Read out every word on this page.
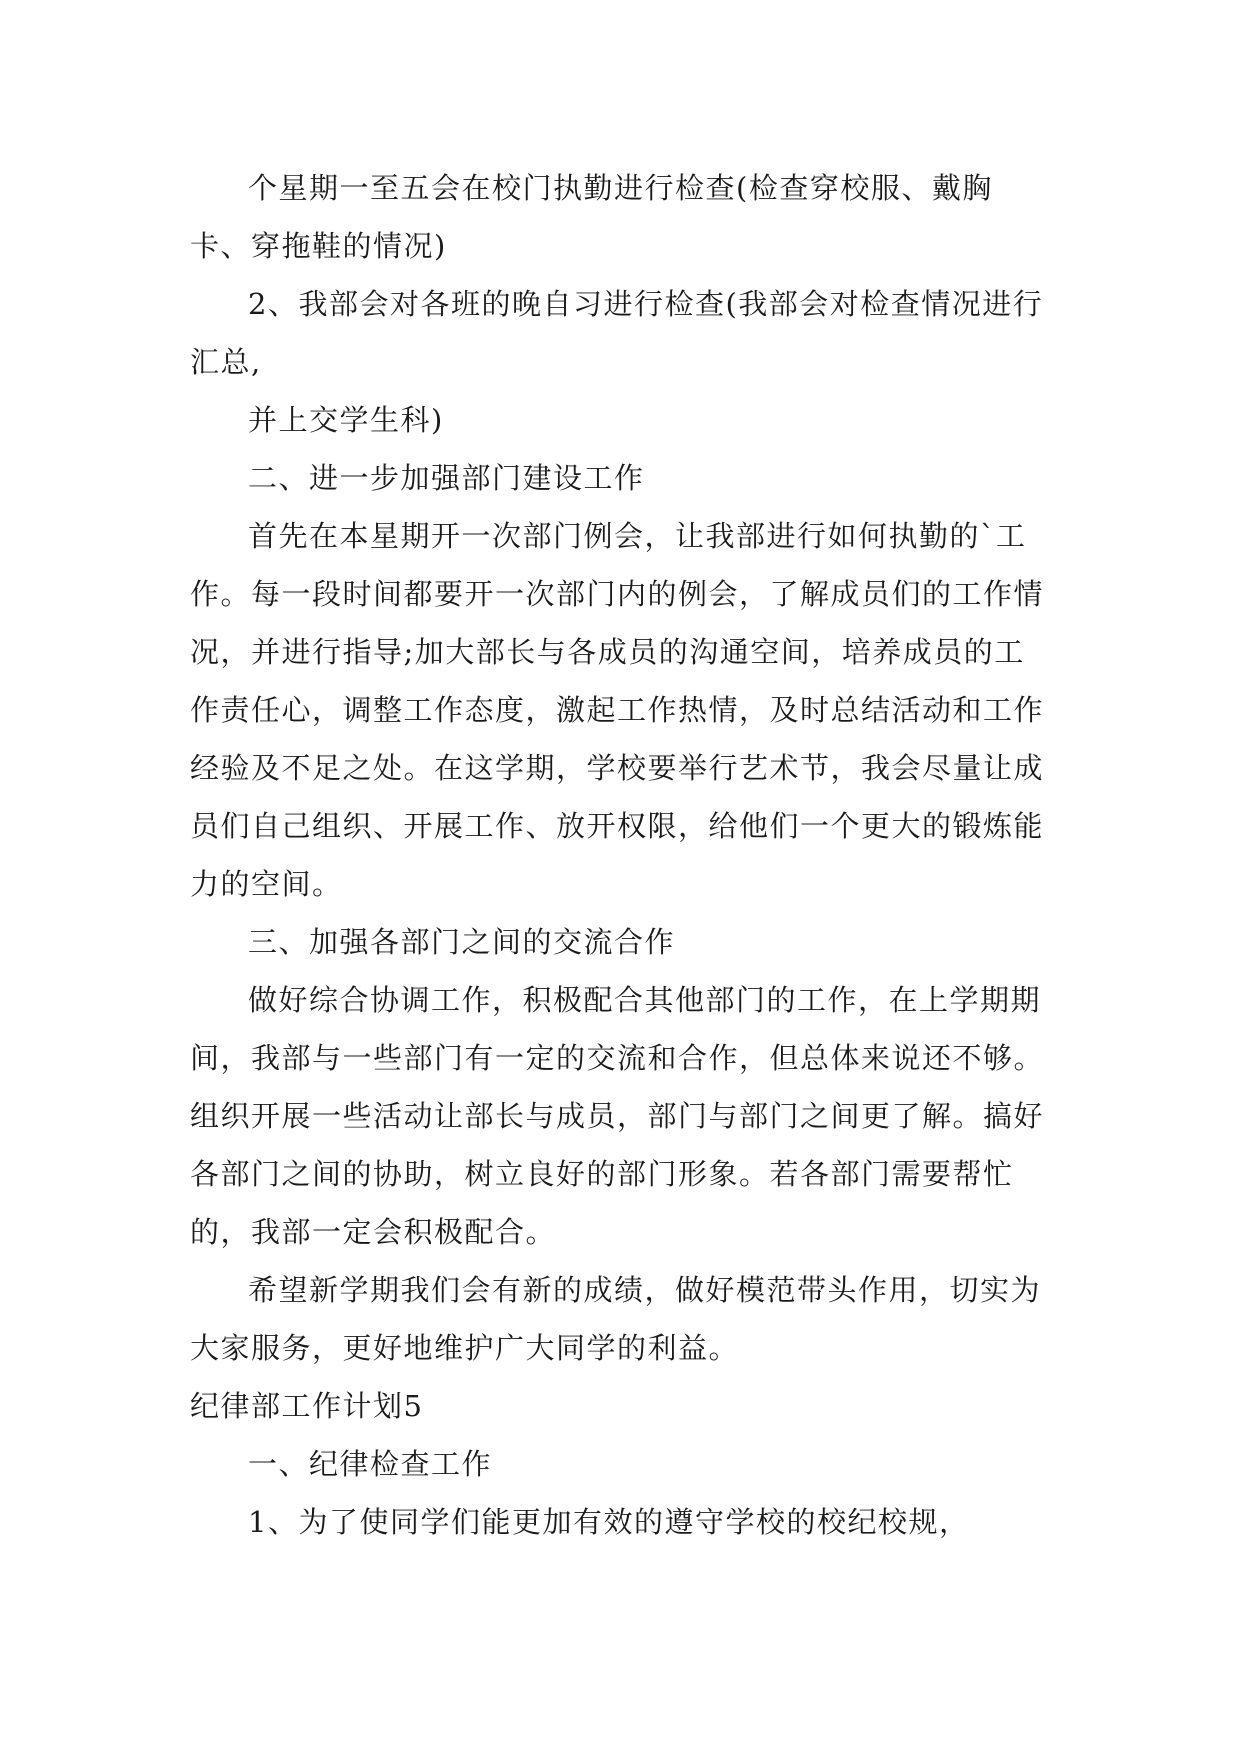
个星期一至五会在校门执勤进行检查(检查穿校服、戴胸卡、穿拖鞋的情况)

2、我部会对各班的晚自习进行检查(我部会对检查情况进行汇总,

并上交学生科)

二、进一步加强部门建设工作

首先在本星期开一次部门例会，让我部进行如何执勤的`工作。每一段时间都要开一次部门内的例会，了解成员们的工作情况，并进行指导;加大部长与各成员的沟通空间，培养成员的工作责任心，调整工作态度，激起工作热情，及时总结活动和工作经验及不足之处。在这学期，学校要举行艺术节，我会尽量让成员们自己组织、开展工作、放开权限，给他们一个更大的锻炼能力的空间。

三、加强各部门之间的交流合作

做好综合协调工作，积极配合其他部门的工作，在上学期期间，我部与一些部门有一定的交流和合作，但总体来说还不够。组织开展一些活动让部长与成员，部门与部门之间更了解。搞好各部门之间的协助，树立良好的部门形象。若各部门需要帮忙的，我部一定会积极配合。

希望新学期我们会有新的成绩，做好模范带头作用，切实为大家服务，更好地维护广大同学的利益。

纪律部工作计划5

一、纪律检查工作

1、为了使同学们能更加有效的遵守学校的校纪校规，
